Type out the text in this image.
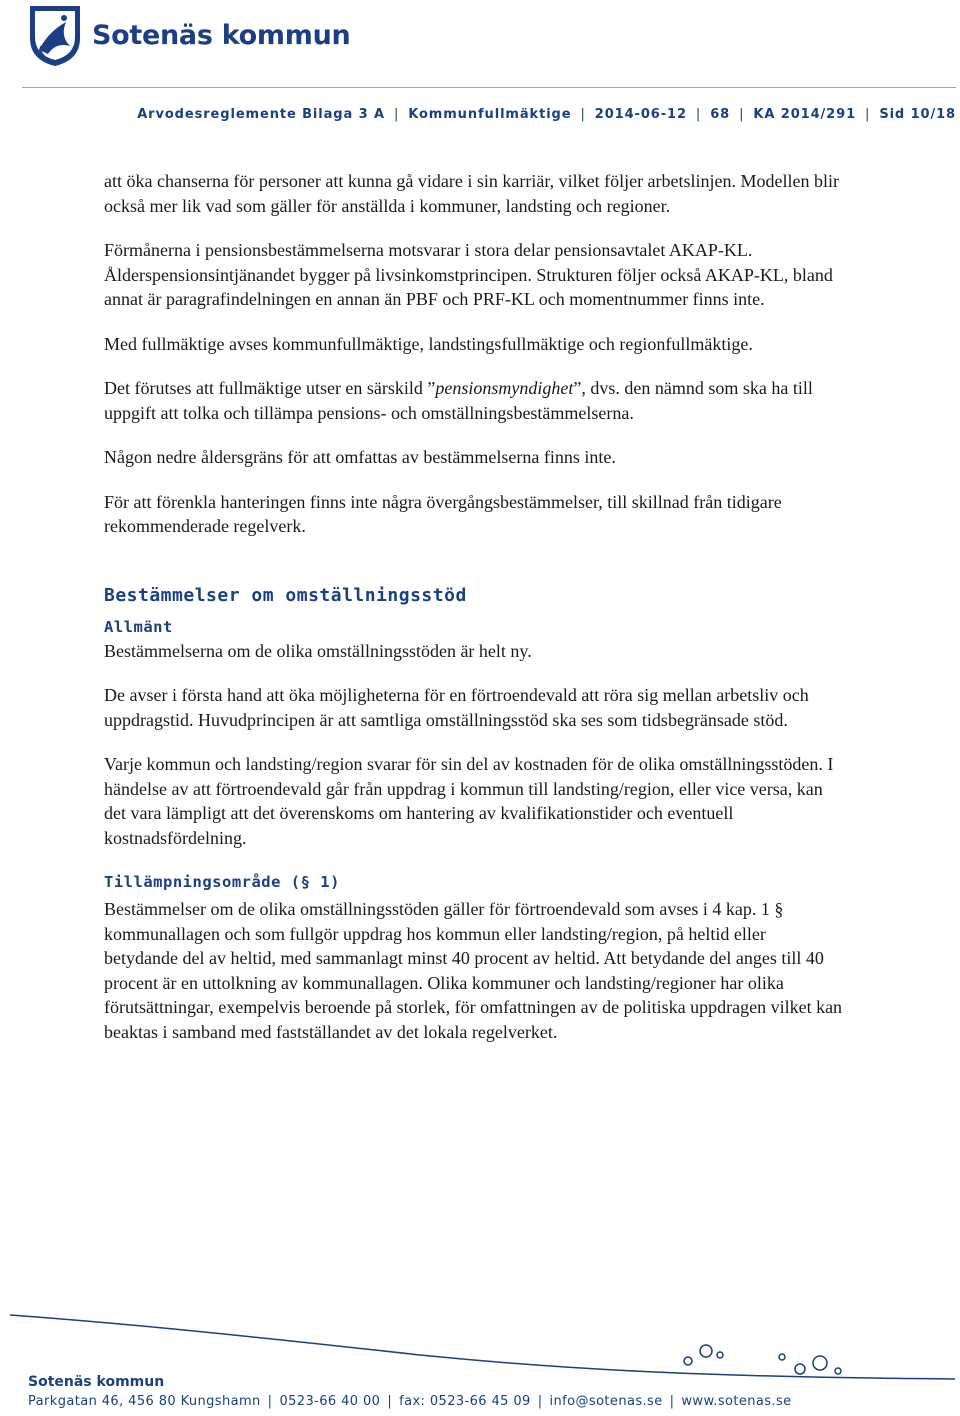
Sotenäs kommun
Arvodesreglemente Bilaga 3 A | Kommunfullmäktige | 2014-06-12 | 68 | KA 2014/291 | Sid 10/18

att öka chanserna för personer att kunna gå vidare i sin karriär, vilket följer arbetslinjen. Modellen blir också mer lik vad som gäller för anställda i kommuner, landsting och regioner.

Förmånerna i pensionsbestämmelserna motsvarar i stora delar pensionsavtalet AKAP-KL. Ålderspensionsintjänandet bygger på livsinkomstprincipen. Strukturen följer också AKAP-KL, bland annat är paragrafindelningen en annan än PBF och PRF-KL och momentnummer finns inte.

Med fullmäktige avses kommunfullmäktige, landstingsfullmäktige och regionfullmäktige.

Det förutses att fullmäktige utser en särskild ”pensionsmyndighet”, dvs. den nämnd som ska ha till uppgift att tolka och tillämpa pensions- och omställningsbestämmelserna.

Någon nedre åldersgräns för att omfattas av bestämmelserna finns inte.

För att förenkla hanteringen finns inte några övergångsbestämmelser, till skillnad från tidigare rekommenderade regelverk.

Bestämmelser om omställningsstöd
Allmänt

Bestämmelserna om de olika omställningsstöden är helt ny.

De avser i första hand att öka möjligheterna för en förtroendevald att röra sig mellan arbetsliv och uppdragstid. Huvudprincipen är att samtliga omställningsstöd ska ses som tidsbegränsade stöd.

Varje kommun och landsting/region svarar för sin del av kostnaden för de olika omställningsstöden. I händelse av att förtroendevald går från uppdrag i kommun till landsting/region, eller vice versa, kan det vara lämpligt att det överenskoms om hantering av kvalifikationstider och eventuell kostnadsfördelning.

Tillämpningsområde (§ 1)

Bestämmelser om de olika omställningsstöden gäller för förtroendevald som avses i 4 kap. 1 § kommunallagen och som fullgör uppdrag hos kommun eller landsting/region, på heltid eller betydande del av heltid, med sammanlagt minst 40 procent av heltid. Att betydande del anges till 40 procent är en uttolkning av kommunallagen. Olika kommuner och landsting/regioner har olika förutsättningar, exempelvis beroende på storlek, för omfattningen av de politiska uppdragen vilket kan beaktas i samband med fastställandet av det lokala regelverket.

Sotenäs kommun
Parkgatan 46, 456 80 Kungshamn | 0523-66 40 00 | fax: 0523-66 45 09 | info@sotenas.se | www.sotenas.se
